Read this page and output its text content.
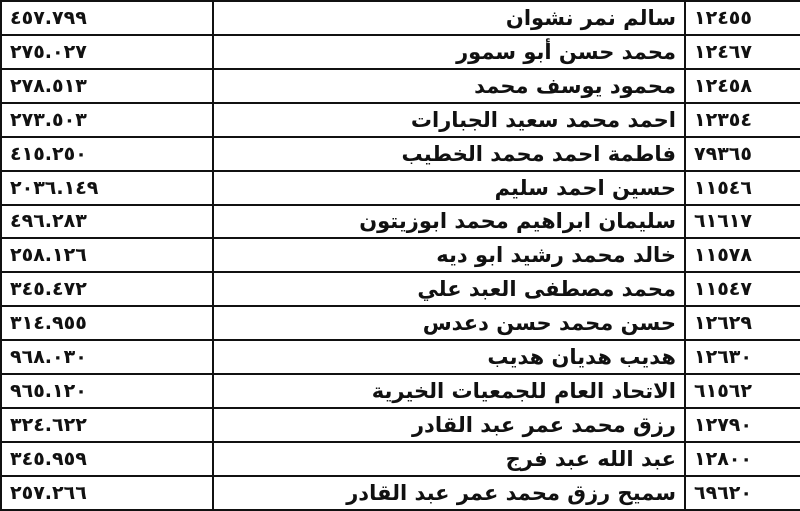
٤٥٧.٧٩٩	سالم نمر نشوان	١٢٤٥٥
٢٧٥.٠٢٧	محمد حسن أبو سمور	١٢٤٦٧
٢٧٨.٥١٣	محمود يوسف محمد	١٢٤٥٨
٢٧٣.٥٠٣	احمد محمد سعيد الجبارات	١٢٣٥٤
٤١٥.٢٥٠	فاطمة احمد محمد الخطيب	٧٩٣٦٥
٢٠٣٦.١٤٩	حسين احمد سليم	١١٥٤٦
٤٩٦.٢٨٣	سليمان ابراهيم محمد ابوزيتون	٦١٦١٧
٢٥٨.١٢٦	خالد محمد رشيد ابو ديه	١١٥٧٨
٣٤٥.٤٧٢	محمد مصطفى العبد علي	١١٥٤٧
٣١٤.٩٥٥	حسن محمد حسن دعدس	١٢٦٢٩
٩٦٨.٠٣٠	هديب هديان هديب	١٢٦٣٠
٩٦٥.١٢٠	الاتحاد العام للجمعيات الخيرية	٦١٥٦٢
٣٢٤.٦٢٢	رزق محمد عمر عبد القادر	١٢٧٩٠
٣٤٥.٩٥٩	عبد الله عبد فرج	١٢٨٠٠
٢٥٧.٢٦٦	سميح رزق محمد عمر عبد القادر	٦٩٦٢٠
